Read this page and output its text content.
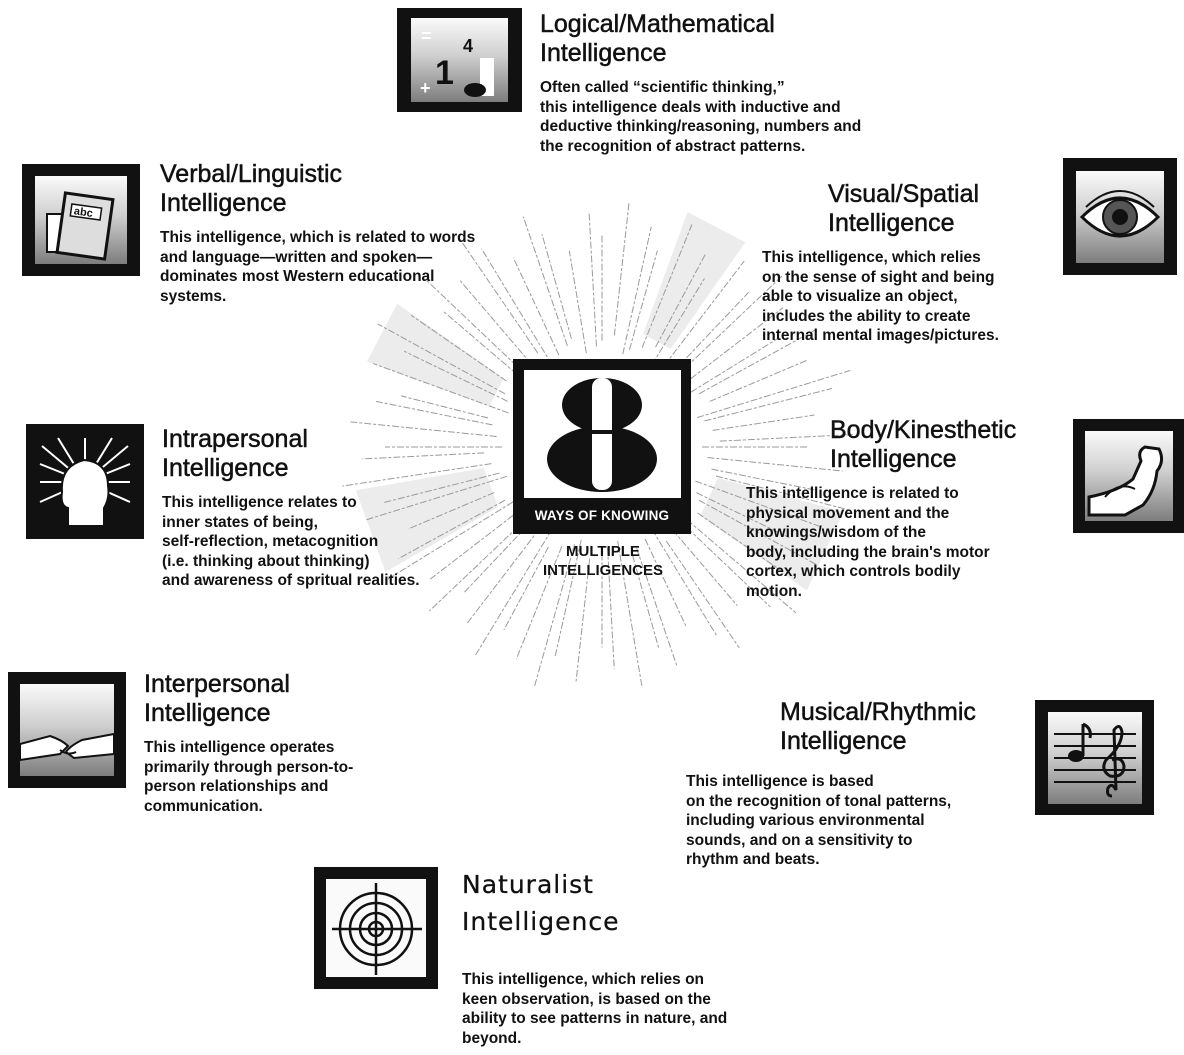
WAYS OF KNOWING
MULTIPLE
INTELLIGENCES
=
1
4
+
Logical/Mathematical
Intelligence
Often called “scientific thinking,”
this intelligence deals with inductive and
deductive thinking/reasoning, numbers and
the recognition of abstract patterns.
abc
Verbal/Linguistic
Intelligence
This intelligence, which is related to words
and language—written and spoken—
dominates most Western educational
systems.
Visual/Spatial
Intelligence
This intelligence, which relies
on the sense of sight and being
able to visualize an object,
includes the ability to create
internal mental images/pictures.
Intrapersonal
Intelligence
This intelligence relates to
inner states of being,
self-reflection, metacognition
(i.e. thinking about thinking)
and awareness of spritual realities.
Body/Kinesthetic
Intelligence
This intelligence is related to
physical movement and the
knowings/wisdom of the
body, including the brain's motor
cortex, which controls bodily
motion.
Interpersonal
Intelligence
This intelligence operates
primarily through person-to-
person relationships and
communication.
Musical/Rhythmic
Intelligence
This intelligence is based
on the recognition of tonal patterns,
including various environmental
sounds, and on a sensitivity to
rhythm and beats.
Naturalist
Intelligence
This intelligence, which relies on
keen observation, is based on the
ability to see patterns in nature, and
beyond.
